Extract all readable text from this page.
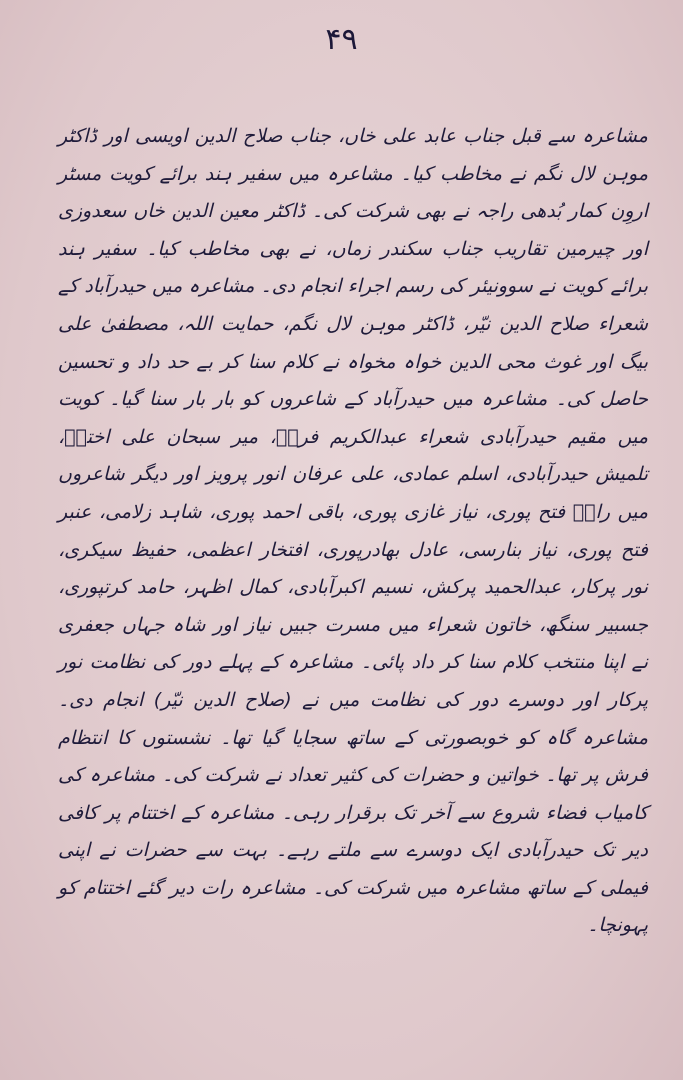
۴۹

مشاعرہ سے قبل جناب عابد علی خاں، جناب صلاح الدین اویسی اور ڈاکٹر موہن لال نگم نے مخاطب کیا۔ مشاعرہ میں سفیر ہند برائے کویت مسٹر اروِن کمار بُدھی راجہ نے بھی شرکت کی۔ ڈاکٹر معین الدین خاں سعدوزی اور چیرمین تقاریب جناب سکندر زماں، نے بھی مخاطب کیا۔ سفیر ہند برائے کویت نے سوونیئر کی رسم اجراء انجام دی۔ مشاعرہ میں حیدرآباد کے شعراء صلاح الدین نیّر، ڈاکٹر موہن لال نگم، حمایت اللہ، مصطفیٰ علی بیگ اور غوث محی الدین خواہ مخواہ نے کلام سنا کر بے حد داد و تحسین حاصل کی۔ مشاعرہ میں حیدرآباد کے شاعروں کو بار بار سنا گیا۔ کویت میں مقیم حیدرآبادی شعراء عبدالکریم فرزؔ، میر سبحان علی اخترؔ، تلمیش حیدرآبادی، اسلم عمادی، علی عرفان انور پرویز اور دیگر شاعروں میں رازؔ فتح پوری، نیاز غازی پوری، باقی احمد پوری، شاہد زلامی، عنبر فتح پوری، نیاز بنارسی، عادل بھادرپوری، افتخار اعظمی، حفیظ سیکری، نور پرکار، عبدالحمید پرکش، نسیم اکبرآبادی، کمال اظہر، حامد کرتپوری، جسبیر سنگھ، خاتون شعراء میں مسرت جبیں نیاز اور شاہ جہاں جعفری نے اپنا منتخب کلام سنا کر داد پائی۔ مشاعرہ کے پہلے دور کی نظامت نور پرکار اور دوسرے دور کی نظامت میں نے (صلاح الدین نیّر) انجام دی۔ مشاعرہ گاہ کو خوبصورتی کے ساتھ سجایا گیا تھا۔ نشستوں کا انتظام فرش پر تھا۔ خواتین و حضرات کی کثیر تعداد نے شرکت کی۔ مشاعرہ کی کامیاب فضاء شروع سے آخر تک برقرار رہی۔ مشاعرہ کے اختتام پر کافی دیر تک حیدرآبادی ایک دوسرے سے ملتے رہے۔ بہت سے حضرات نے اپنی فیملی کے ساتھ مشاعرہ میں شرکت کی۔ مشاعرہ رات دیر گئے اختتام کو پہونچا۔
